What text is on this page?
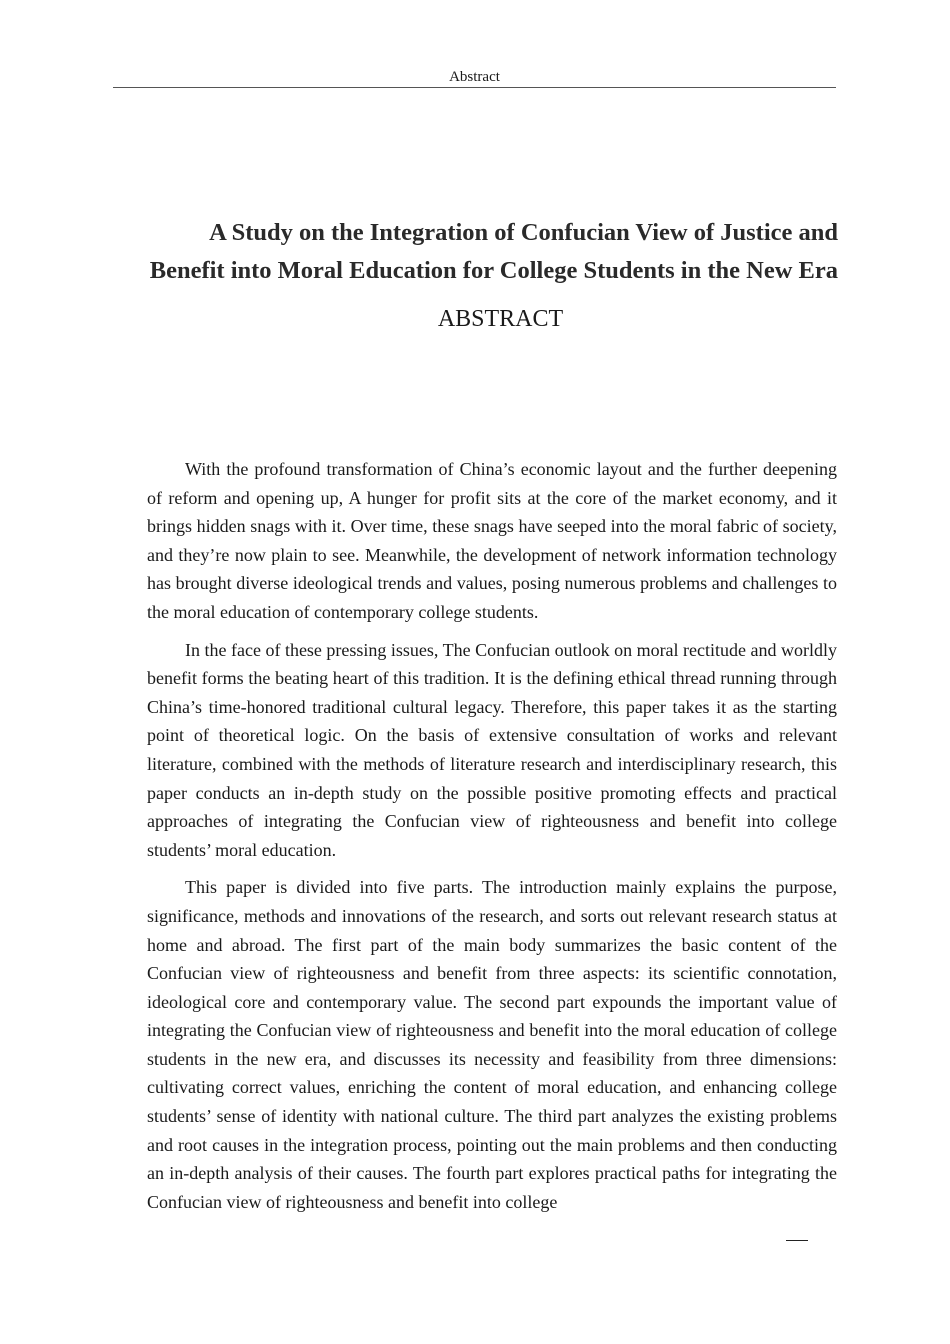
Abstract
A Study on the Integration of Confucian View of Justice and
Benefit into Moral Education for College Students in the New Era
ABSTRACT

With the profound transformation of China’s economic layout and the further deepening of reform and opening up, A hunger for profit sits at the core of the market economy, and it brings hidden snags with it. Over time, these snags have seeped into the moral fabric of society, and they’re now plain to see. Meanwhile, the development of network information technology has brought diverse ideological trends and values, posing numerous problems and challenges to the moral education of contemporary college students.

In the face of these pressing issues, The Confucian outlook on moral rectitude and worldly benefit forms the beating heart of this tradition. It is the defining ethical thread running through China’s time-honored traditional cultural legacy. Therefore, this paper takes it as the starting point of theoretical logic. On the basis of extensive consultation of works and relevant literature, combined with the methods of literature research and interdisciplinary research, this paper conducts an in-depth study on the possible positive promoting effects and practical approaches of integrating the Confucian view of righteousness and benefit into college students’ moral education.

This paper is divided into five parts. The introduction mainly explains the purpose, significance, methods and innovations of the research, and sorts out relevant research status at home and abroad. The first part of the main body summarizes the basic content of the Confucian view of righteousness and benefit from three aspects: its scientific connotation, ideological core and contemporary value. The second part expounds the important value of integrating the Confucian view of righteousness and benefit into the moral education of college students in the new era, and discusses its necessity and feasibility from three dimensions: cultivating correct values, enriching the content of moral education, and enhancing college students’ sense of identity with national culture. The third part analyzes the existing problems and root causes in the integration process, pointing out the main problems and then conducting an in-depth analysis of their causes. The fourth part explores practical paths for integrating the Confucian view of righteousness and benefit into college
